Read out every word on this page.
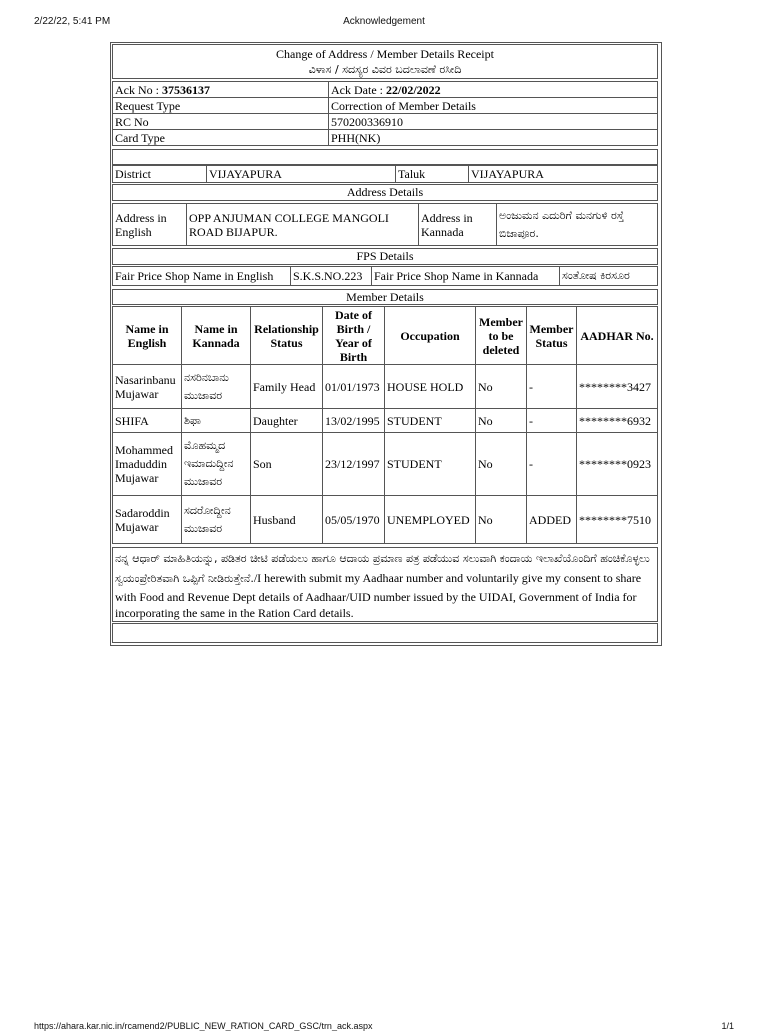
2/22/22, 5:41 PM	Acknowledgement
Change of Address / Member Details Receipt
ವಿಳಾಸ / ಸದಸ್ಯರ ವಿವರ ಬದಲಾವಣೆ ರಸೀದಿ
Ack No : 37536137	Ack Date : 22/02/2022
Request Type	Correction of Member Details
RC No	570200336910
Card Type	PHH(NK)
District	VIJAYAPURA	Taluk	VIJAYAPURA
Address Details
Address in English	OPP ANJUMAN COLLEGE MANGOLI ROAD BIJAPUR.	Address in Kannada	ಅಂಜುಮನ ಎದುರಿಗೆ ಮನಗುಳಿ ರಸ್ತೆ ಬಿಜಾಪೂರ.
FPS Details
Fair Price Shop Name in English	S.K.S.NO.223	Fair Price Shop Name in Kannada	ಸಂತೋಷ ಕಿರಸೂರ
Member Details
Name in English	Name in Kannada	Relationship Status	Date of Birth / Year of Birth	Occupation	Member to be deleted	Member Status	AADHAR No.
Nasarinbanu Mujawar	ನಸರಿನಬಾನು ಮುಜಾವರ	Family Head	01/01/1973	HOUSE HOLD	No	-	********3427
SHIFA	ಶಿಫಾ	Daughter	13/02/1995	STUDENT	No	-	********6932
Mohammed Imaduddin Mujawar	ಮೊಹಮ್ಮದ ಇಮಾದುದ್ದೀನ ಮುಜಾವರ	Son	23/12/1997	STUDENT	No	-	********0923
Sadaroddin Mujawar	ಸದರೋದ್ದೀನ ಮುಜಾವರ	Husband	05/05/1970	UNEMPLOYED	No	ADDED	********7510
ನನ್ನ ಆಧಾರ್ ಮಾಹಿತಿಯನ್ನು, ಪಡಿತರ ಚೀಟಿ ಪಡೆಯಲು ಹಾಗೂ ಆದಾಯ ಪ್ರಮಾಣ ಪತ್ರ ಪಡೆಯುವ ಸಲುವಾಗಿ ಕಂದಾಯ ಇಲಾಖೆಯೊಂದಿಗೆ ಹಂಚಿಕೊಳ್ಳಲು ಸ್ವಯಂಪ್ರೇರಿತವಾಗಿ ಒಪ್ಪಿಗೆ ನೀಡಿರುತ್ತೇನೆ./I herewith submit my Aadhaar number and voluntarily give my consent to share with Food and Revenue Dept details of Aadhaar/UID number issued by the UIDAI, Government of India for incorporating the same in the Ration Card details.
https://ahara.kar.nic.in/rcamend2/PUBLIC_NEW_RATION_CARD_GSC/trn_ack.aspx	1/1
